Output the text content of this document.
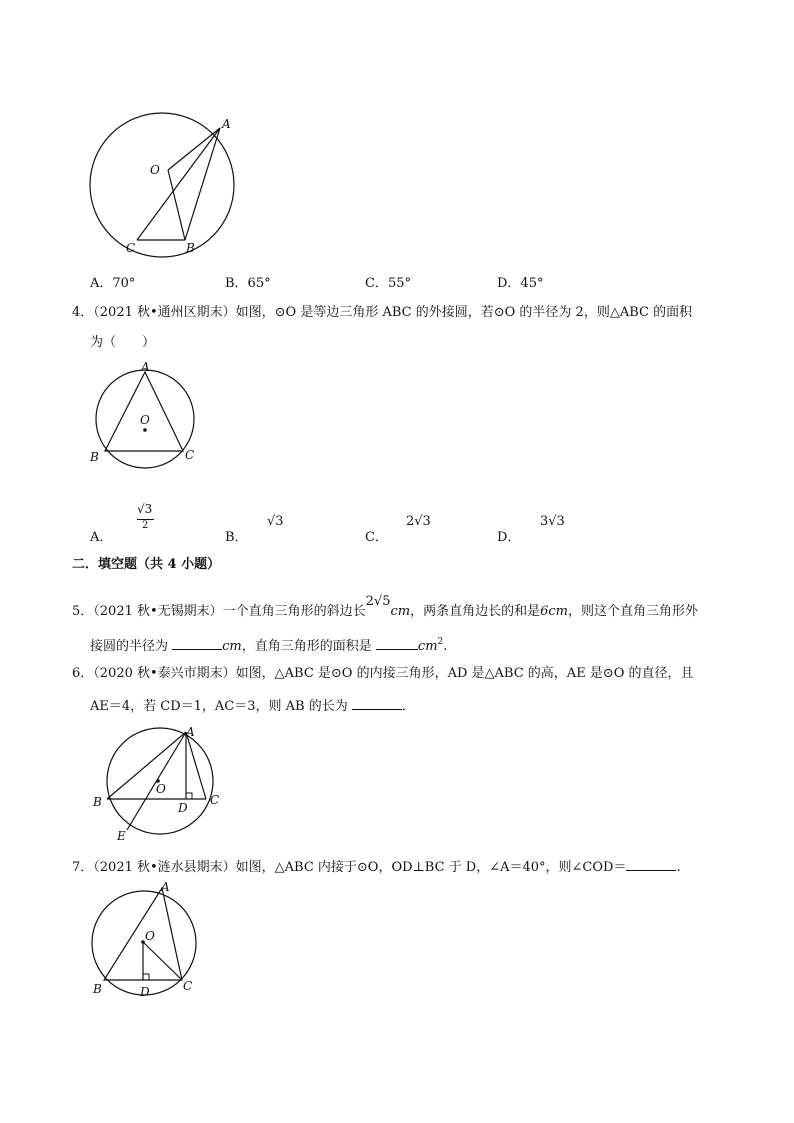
A
O
C	B
A．70°	B．65°	C．55°	D．45°
4．（2021 秋•通州区期末）如图，⊙O 是等边三角形 ABC 的外接圆，若⊙O 的半径为 2，则△ABC 的面积
为（　　）
A
O
B	C
A．
√3
2
B．
√3
C．
2√3
D．
3√3
二．填空题（共 4 小题）
5．（2021 秋•无锡期末）一个直角三角形的斜边长2√5cm，两条直角边长的和是6cm，则这个直角三角形外
接圆的半径为	cm，直角三角形的面积是	$cm^2$.
6．（2020 秋•泰兴市期末）如图，△ABC 是⊙O 的内接三角形，AD 是△ABC 的高，AE 是⊙O 的直径，且
AE＝4，若 CD＝1，AC＝3，则 AB 的长为	．
A
O
B	D
C
E
7．（2021 秋•涟水县期末）如图，△ABC 内接于⊙O，OD⊥BC 于 D，∠A＝40°，则∠COD＝	.
A
O
B	D	C
